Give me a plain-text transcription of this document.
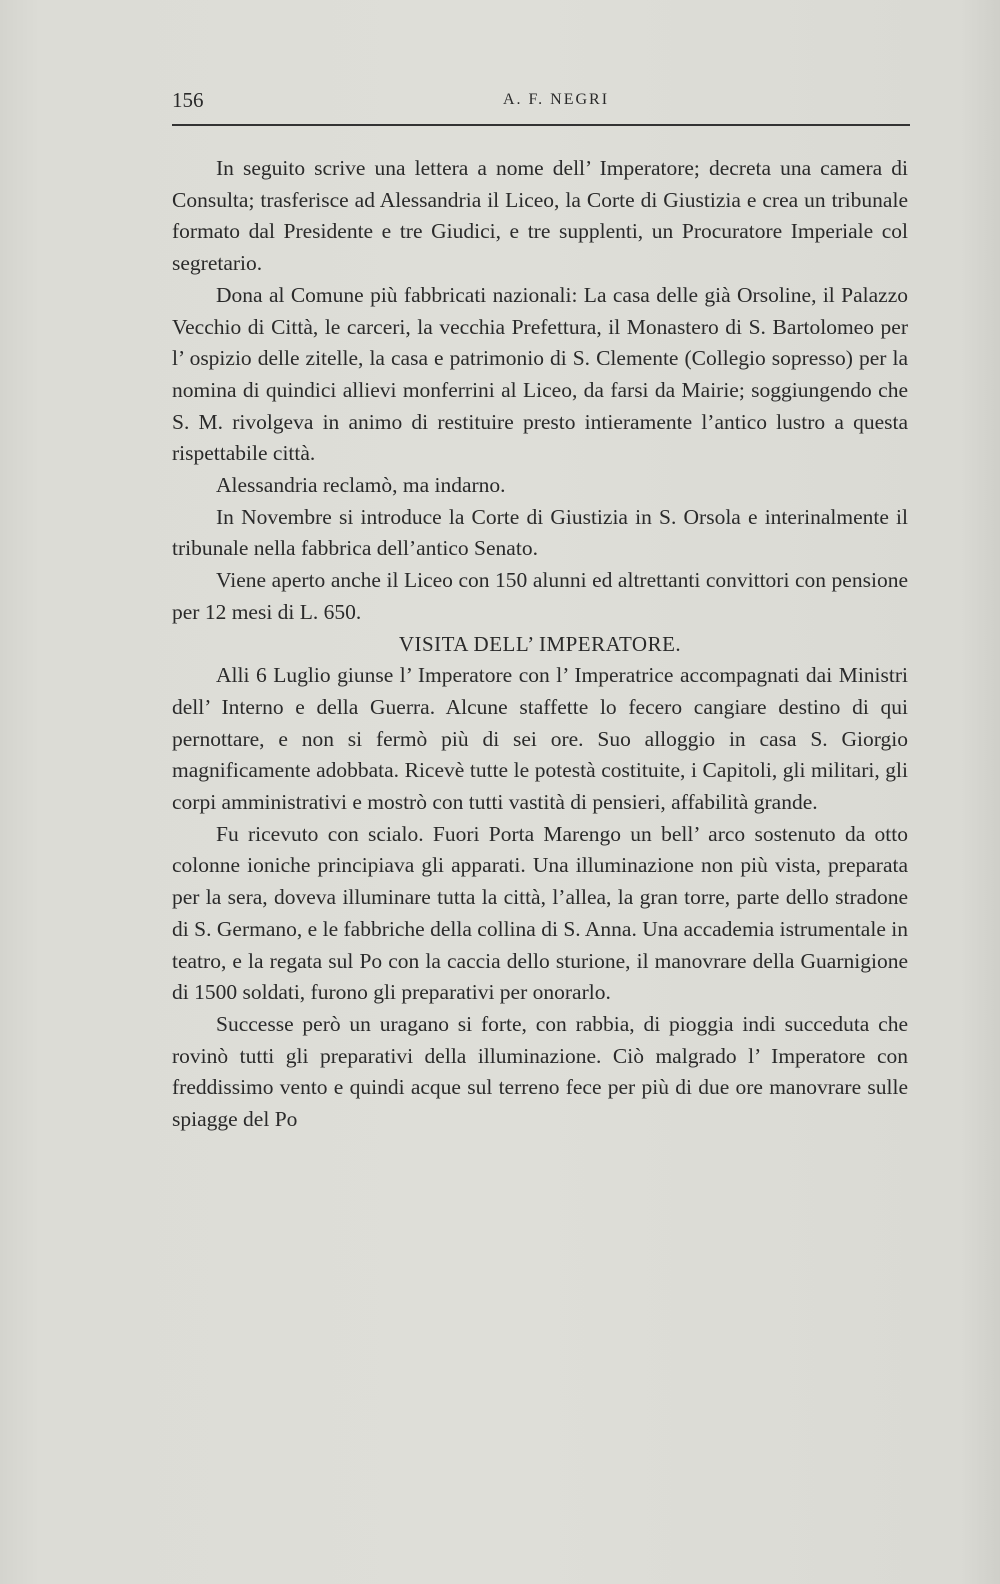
156	A. F. NEGRI

In seguito scrive una lettera a nome dell’ Imperatore; decreta una camera di Consulta; trasferisce ad Alessandria il Liceo, la Corte di Giustizia e crea un tribunale formato dal Presidente e tre Giudici, e tre supplenti, un Procuratore Imperiale col segretario.

Dona al Comune più fabbricati nazionali: La casa delle già Orsoline, il Palazzo Vecchio di Città, le carceri, la vecchia Prefettura, il Monastero di S. Bartolomeo per l’ ospizio delle zitelle, la casa e patrimonio di S. Clemente (Collegio sopresso) per la nomina di quindici allievi monferrini al Liceo, da farsi da Mairie; soggiungendo che S. M. rivolgeva in animo di restituire presto intieramente l’antico lustro a questa rispettabile città.

Alessandria reclamò, ma indarno.

In Novembre si introduce la Corte di Giustizia in S. Orsola e interinalmente il tribunale nella fabbrica dell’antico Senato.

Viene aperto anche il Liceo con 150 alunni ed altrettanti convittori con pensione per 12 mesi di L. 650.

VISITA DELL’ IMPERATORE.

Alli 6 Luglio giunse l’ Imperatore con l’ Imperatrice accompagnati dai Ministri dell’ Interno e della Guerra. Alcune staffette lo fecero cangiare destino di qui pernottare, e non si fermò più di sei ore. Suo alloggio in casa S. Giorgio magnificamente adobbata. Ricevè tutte le potestà costituite, i Capitoli, gli militari, gli corpi amministrativi e mostrò con tutti vastità di pensieri, affabilità grande.

Fu ricevuto con scialo. Fuori Porta Marengo un bell’ arco sostenuto da otto colonne ioniche principiava gli apparati. Una illuminazione non più vista, preparata per la sera, doveva illuminare tutta la città, l’allea, la gran torre, parte dello stradone di S. Germano, e le fabbriche della collina di S. Anna. Una accademia istrumentale in teatro, e la regata sul Po con la caccia dello sturione, il manovrare della Guarnigione di 1500 soldati, furono gli preparativi per onorarlo.

Successe però un uragano si forte, con rabbia, di pioggia indi succeduta che rovinò tutti gli preparativi della illuminazione. Ciò malgrado l’ Imperatore con freddissimo vento e quindi acque sul terreno fece per più di due ore manovrare sulle spiagge del Po
